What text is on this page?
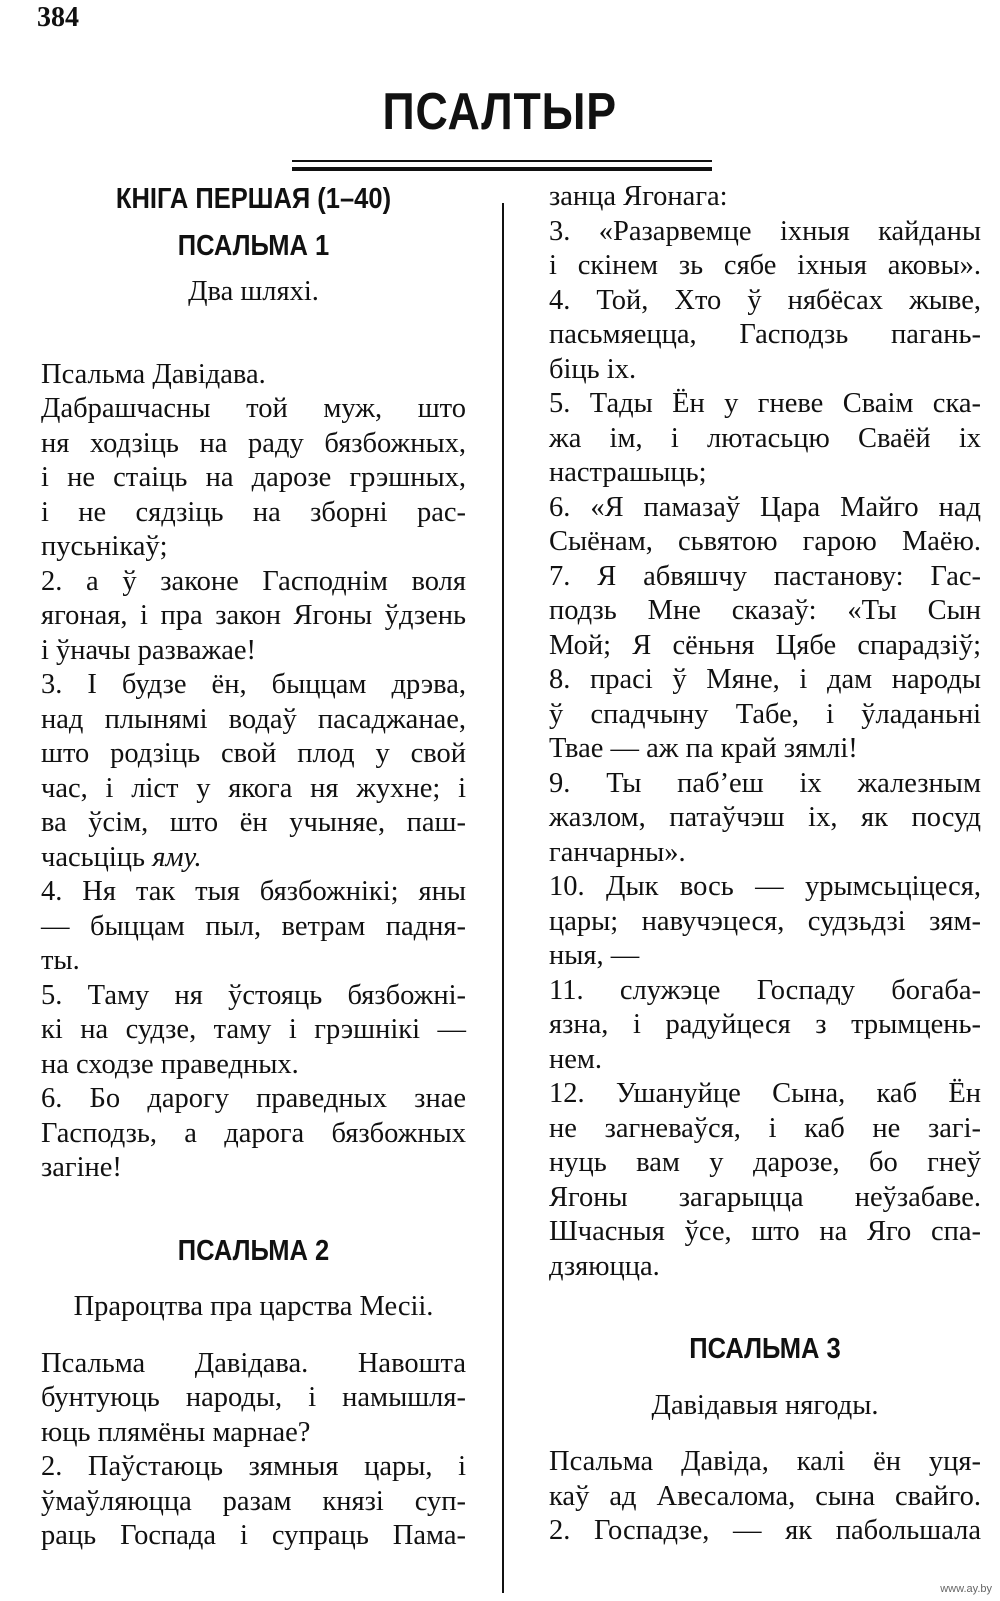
384
ПСАЛТЫР
КНІГА ПЕРШАЯ (1–40)
ПСАЛЬМА 1
Два шляхі.
Псальма Давідава.
Дабрашчасны той муж, што
ня ходзіць на раду бязбожных,
і не стаіць на дарозе грэшных,
і не сядзіць на зборні рас-
пусьнікаў;
2. а ў законе Гасподнім воля
ягоная, і пра закон Ягоны ўдзень
і ўначы разважае!
3. І будзе ён, быццам дрэва,
над плынямі водаў пасаджанае,
што родзіць свой плод у свой
час, і ліст у якога ня жухне; і
ва ўсім, што ён учыняе, пaш-
часьціць яму.
4. Ня так тыя бязбожнікі; яны
— быццам пыл, ветрам падня-
ты.
5. Таму ня ўстояць бязбожні-
кі на судзе, таму і грэшнікі —
на сходзе праведных.
6. Бо дарогу праведных знае
Гасподзь, а дарога бязбожных
загіне!
ПСАЛЬМА 2
Прароцтва пра царства Месіі.
Псальма Давідава. Навошта
бунтуюць народы, і намышля-
юць плямёны марнае?
2. Паўстаюць зямныя цары, і
ўмаўляюцца разам князі суп-
раць Гоcпада і супраць Пама-
занца Ягонага:
3. «Разарвемце іхныя кайданы
і скінем зь сябе іхныя аковы».
4. Той, Хто ў нябёсах жыве,
пасьмяецца, Гасподзь пагань-
біць іх.
5. Тады Ён у гневе Сваім ска-
жа ім, і лютасьцю Сваёй іх
настрашыць;
6. «Я памазаў Цара Майго над
Сыёнам, сьвятою гарою Маёю.
7. Я абвяшчу пастанову: Гас-
подзь Мне сказаў: «Ты Сын
Мой; Я сёньня Цябе спарадзіў;
8. прасі ў Мяне, і дам народы
ў спадчыну Табе, і ўладаньні
Твае — аж па край зямлі!
9. Ты паб’еш іх жалезным
жазлом, патаўчэш іх, як посуд
ганчарны».
10. Дык вось — урымсьціцеся,
цары; навучэцеся, судзьдзі зям-
ныя, —
11. служэце Госпаду богаба-
язна, і радуйцеся з трымцень-
нем.
12. Ушануйце Сына, каб Ён
не загневаўся, і каб не загі-
нуць вам у дарозе, бо гнеў
Ягоны загарыцца неўзабаве.
Шчасныя ўсе, што на Яго спа-
дзяюцца.
ПСАЛЬМА 3
Давідавыя нягоды.
Псальма Давіда, калі ён уця-
каў ад Авесалома, сына свайго.
2. Госпадзе, — як пабольшала
www.ay.by
